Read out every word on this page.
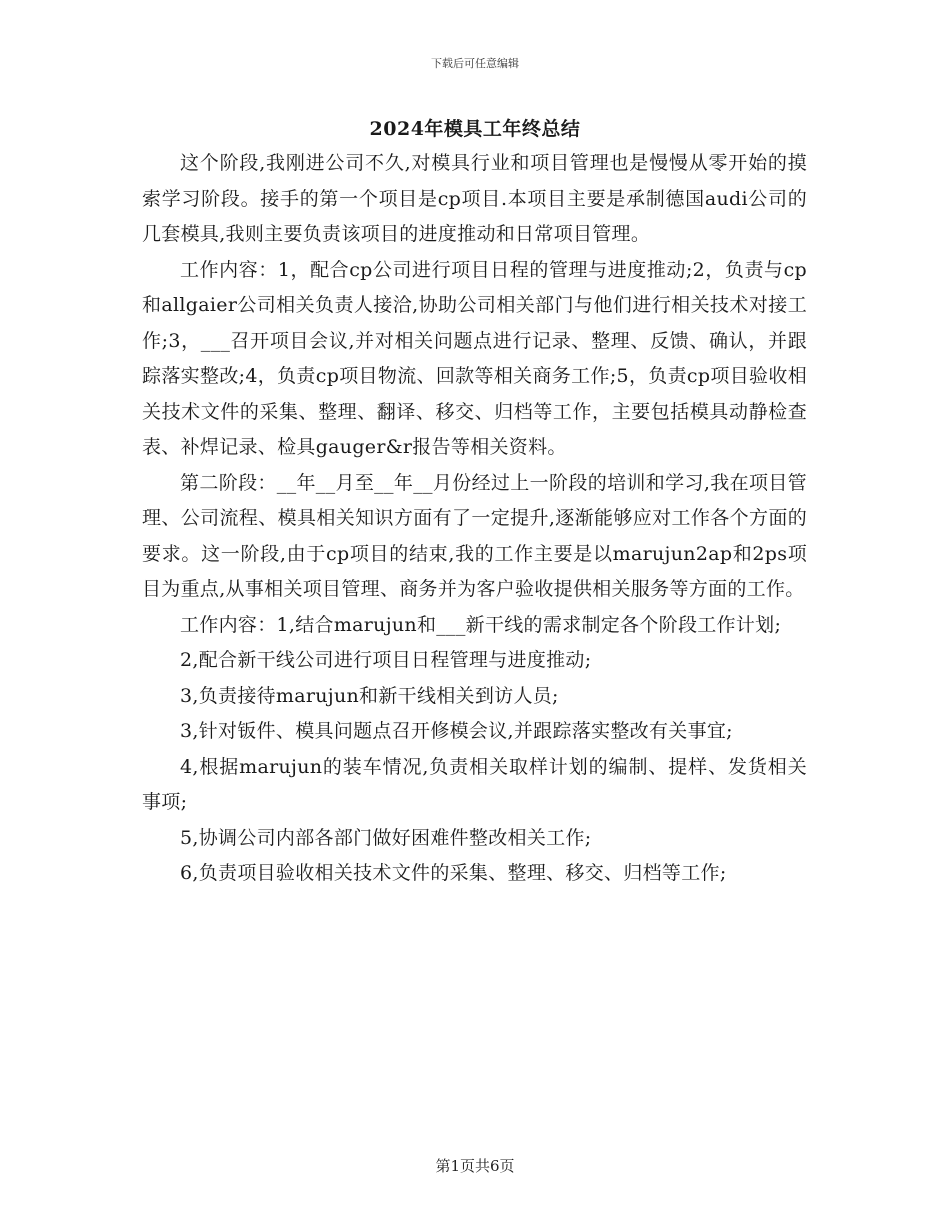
下载后可任意编辑
2024年模具工年终总结

这个阶段,我刚进公司不久,对模具行业和项目管理也是慢慢从零开始的摸索学习阶段。接手的第一个项目是cp项目.本项目主要是承制德国audi公司的几套模具,我则主要负责该项目的进度推动和日常项目管理。

工作内容：1，配合cp公司进行项目日程的管理与进度推动;2，负责与cp和allgaier公司相关负责人接洽,协助公司相关部门与他们进行相关技术对接工作;3，___召开项目会议,并对相关问题点进行记录、整理、反馈、确认，并跟踪落实整改;4，负责cp项目物流、回款等相关商务工作;5，负责cp项目验收相关技术文件的采集、整理、翻译、移交、归档等工作，主要包括模具动静检查表、补焊记录、检具gauger&r报告等相关资料。

第二阶段：__年__月至__年__月份经过上一阶段的培训和学习,我在项目管理、公司流程、模具相关知识方面有了一定提升,逐渐能够应对工作各个方面的要求。这一阶段,由于cp项目的结束,我的工作主要是以marujun2ap和2ps项目为重点,从事相关项目管理、商务并为客户验收提供相关服务等方面的工作。

工作内容：1,结合marujun和___新干线的需求制定各个阶段工作计划;

2,配合新干线公司进行项目日程管理与进度推动;

3,负责接待marujun和新干线相关到访人员;

3,针对钣件、模具问题点召开修模会议,并跟踪落实整改有关事宜;

4,根据marujun的装车情况,负责相关取样计划的编制、提样、发货相关事项;

5,协调公司内部各部门做好困难件整改相关工作;

6,负责项目验收相关技术文件的采集、整理、移交、归档等工作;

第1页共6页
